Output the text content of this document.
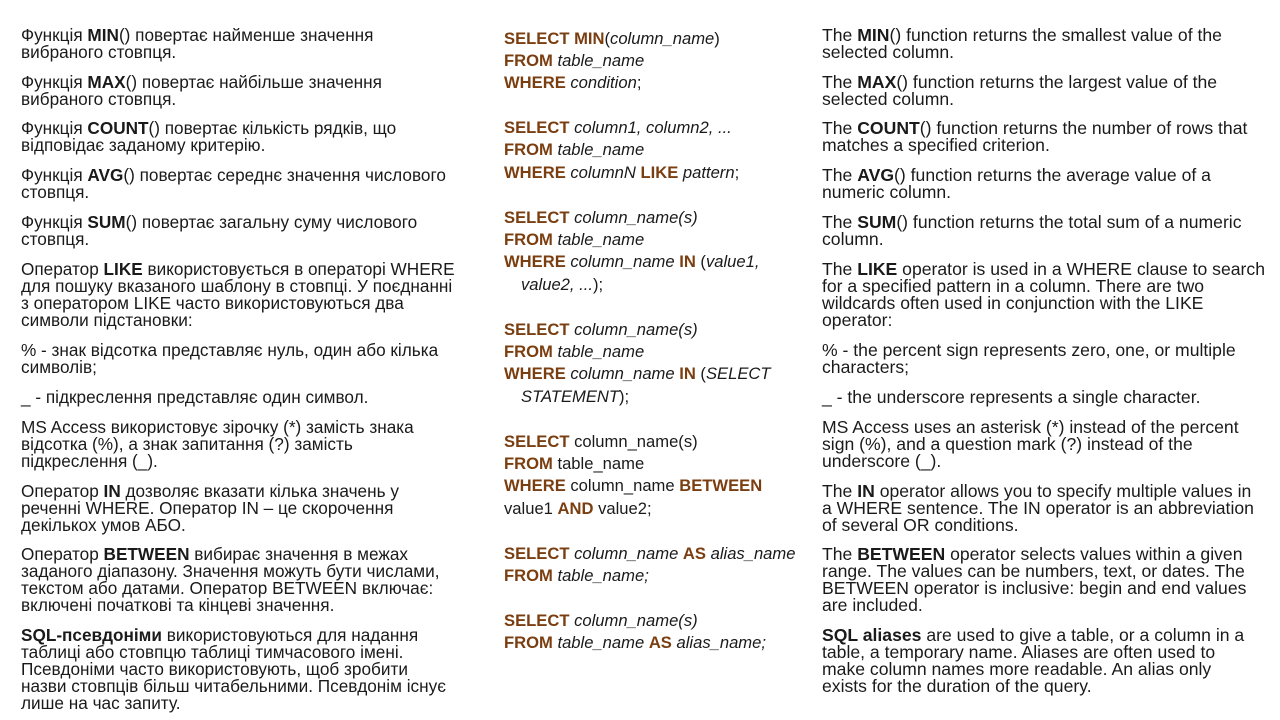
Функція MIN() повертає найменше значення
вибраного стовпця.
Функція MAX() повертає найбільше значення
вибраного стовпця.
Функція COUNT() повертає кількість рядків, що
відповідає заданому критерію.
Функція AVG() повертає середнє значення числового
стовпця.
Функція SUM() повертає загальну суму числового
стовпця.
Оператор LIKE використовується в операторі WHERE
для пошуку вказаного шаблону в стовпці. У поєднанні
з оператором LIKE часто використовуються два
символи підстановки:
% - знак відсотка представляє нуль, один або кілька
символів;
_ - підкреслення представляє один символ.
MS Access використовує зірочку (*) замість знака
відсотка (%), а знак запитання (?) замість
підкреслення (_).
Оператор IN дозволяє вказати кілька значень у
реченні WHERE. Оператор IN – це скорочення
декількох умов АБО.
Оператор BETWEEN вибирає значення в межах
заданого діапазону. Значення можуть бути числами,
текстом або датами. Оператор BETWEEN включає:
включені початкові та кінцеві значення.
SQL-псевдоніми використовуються для надання
таблиці або стовпцю таблиці тимчасового імені.
Псевдоніми часто використовують, щоб зробити
назви стовпців більш читабельними. Псевдонім існує
лише на час запиту.
SELECT MIN(column_name)
FROM table_name
WHERE condition;
SELECT column1, column2, ...
FROM table_name
WHERE columnN LIKE pattern;
SELECT column_name(s)
FROM table_name
WHERE column_name IN (value1,
value2, ...);
SELECT column_name(s)
FROM table_name
WHERE column_name IN (SELECT
STATEMENT);
SELECT column_name(s)
FROM table_name
WHERE column_name BETWEEN
value1 AND value2;
SELECT column_name AS alias_name
FROM table_name;
SELECT column_name(s)
FROM table_name AS alias_name;
The MIN() function returns the smallest value of the
selected column.
The MAX() function returns the largest value of the
selected column.
The COUNT() function returns the number of rows that
matches a specified criterion.
The AVG() function returns the average value of a
numeric column.
The SUM() function returns the total sum of a numeric
column.
The LIKE operator is used in a WHERE clause to search
for a specified pattern in a column. There are two
wildcards often used in conjunction with the LIKE
operator:
% - the percent sign represents zero, one, or multiple
characters;
_ - the underscore represents a single character.
MS Access uses an asterisk (*) instead of the percent
sign (%), and a question mark (?) instead of the
underscore (_).
The IN operator allows you to specify multiple values in
a WHERE sentence. The IN operator is an abbreviation
of several OR conditions.
The BETWEEN operator selects values within a given
range. The values can be numbers, text, or dates. The
BETWEEN operator is inclusive: begin and end values
are included.
SQL aliases are used to give a table, or a column in a
table, a temporary name. Aliases are often used to
make column names more readable. An alias only
exists for the duration of the query.
